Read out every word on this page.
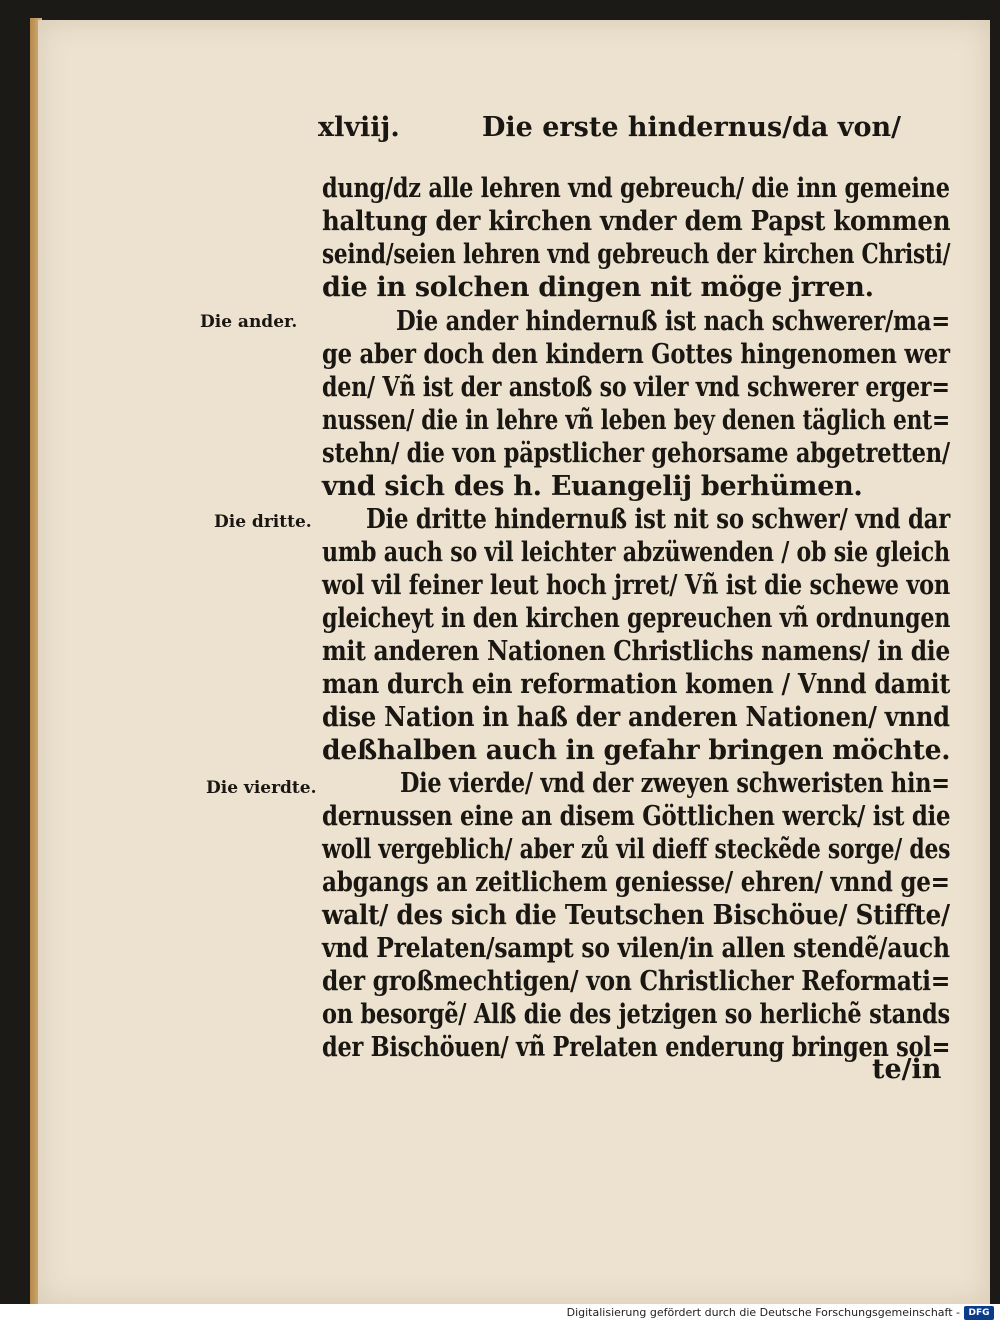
xlviij.	Die erste hindernus/da von/
dung/dz alle lehren vnd gebreuch/ die inn gemeine
haltung der kirchen vnder dem Papst kommen
seind/seien lehren vnd gebreuch der kirchen Christi/
die in solchen dingen nit möge jrren.
Die ander hindernuß ist nach schwerer/ma=
ge aber doch den kindern Gottes hingenomen wer
den/ Vñ ist der anstoß so viler vnd schwerer erger=
nussen/ die in lehre vñ leben bey denen täglich ent=
stehn/ die von päpstlicher gehorsame abgetretten/
vnd sich des h. Euangelij berhümen.
Die dritte hindernuß ist nit so schwer/ vnd dar
umb auch so vil leichter abzüwenden / ob sie gleich
wol vil feiner leut hoch jrret/ Vñ ist die schewe von
gleicheyt in den kirchen gepreuchen vñ ordnungen
mit anderen Nationen Christlichs namens/ in die
man durch ein reformation komen / Vnnd damit
dise Nation in haß der anderen Nationen/ vnnd
deßhalben auch in gefahr bringen möchte.
Die vierde/ vnd der zweyen schweristen hin=
dernussen eine an disem Göttlichen werck/ ist die
woll vergeblich/ aber zů vil dieff steckẽde sorge/ des
abgangs an zeitlichem geniesse/ ehren/ vnnd ge=
walt/ des sich die Teutschen Bischöue/ Stiffte/
vnd Prelaten/sampt so vilen/in allen stendẽ/auch
der großmechtigen/ von Christlicher Reformati=
on besorgẽ/ Alß die des jetzigen so herlichẽ stands
der Bischöuen/ vñ Prelaten enderung bringen sol=
te/in
Die ander.
Die dritte.
Die vierdte.
Digitalisierung gefördert durch die Deutsche Forschungsgemeinschaft - DFG
